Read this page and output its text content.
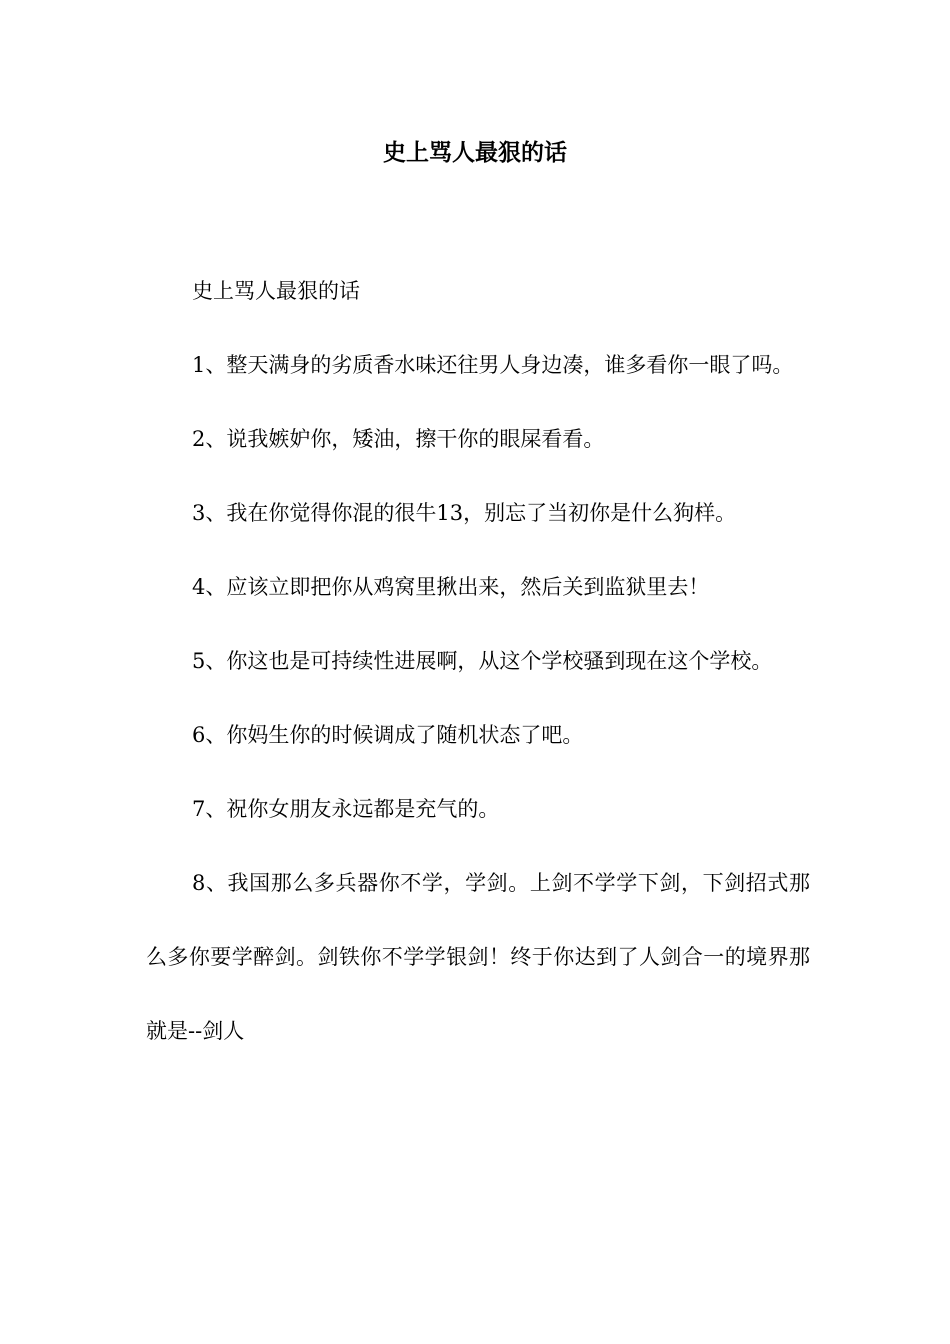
史上骂人最狠的话

史上骂人最狠的话

1、整天满身的劣质香水味还往男人身边凑，谁多看你一眼了吗。

2、说我嫉妒你，矮油，擦干你的眼屎看看。

3、我在你觉得你混的很牛13，别忘了当初你是什么狗样。

4、应该立即把你从鸡窝里揪出来，然后关到监狱里去！

5、你这也是可持续性进展啊，从这个学校骚到现在这个学校。

6、你妈生你的时候调成了随机状态了吧。

7、祝你女朋友永远都是充气的。

8、我国那么多兵器你不学，学剑。上剑不学学下剑，下剑招式那么多你要学醉剑。剑铁你不学学银剑！终于你达到了人剑合一的境界那就是--剑人
